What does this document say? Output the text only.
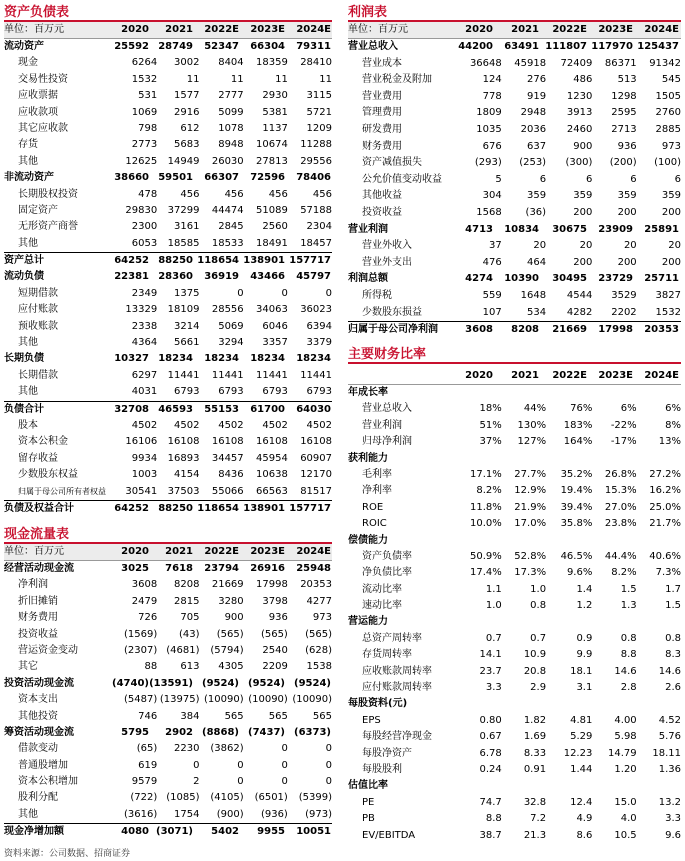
资产负债表
单位：百万元	2020	2021	2022E	2023E	2024E
流动资产	25592 28749	52347	66304	79311
现金	6264	3002	8404	18359	28410
交易性投资	1532	11	11	11	11
应收票据	531	1577	2777	2930	3115
应收款项	1069	2916	5099	5381	5721
其它应收款	798	612	1078	1137	1209
存货	2773	5683	8948	10674	11288
其他	12625	14949	26030	27813	29556
非流动资产	38660 59501	66307	72596	78406
长期股权投资	478	456	456	456	456
固定资产	29830	37299	44474	51089	57188
无形资产商誉	2300	3161	2845	2560	2304
其他	6053	18585	18533	18491	18457
资产总计	64252 88250 118654 138901 157717
流动负债	22381 28360	36919	43466	45797
短期借款	2349	1375	0	0	0
应付账款	13329	18109	28556	34063	36023
预收账款	2338	3214	5069	6046	6394
其他	4364	5661	3294	3357	3379
长期负债	10327 18234	18234	18234	18234
长期借款	6297	11441	11441	11441	11441
其他	4031	6793	6793	6793	6793
负债合计	32708 46593	55153	61700	64030
股本	4502	4502	4502	4502	4502
资本公积金	16106	16108	16108	16108	16108
留存收益	9934	16893	34457	45954	60907
少数股东权益	1003	4154	8436	10638	12170
归属于母公司所有者权益	30541	37503	55066	66563	81517
负债及权益合计	64252 88250 118654 138901 157717
现金流量表
单位：百万元	2020	2021	2022E	2023E	2024E
经营活动现金流	3025	7618	23794	26916	25948
净利润	3608	8208	21669	17998	20353
折旧摊销	2479	2815	3280	3798	4277
财务费用	726	705	900	936	973
投资收益	(1569)	(43)	(565)	(565)	(565)
营运资金变动	(2307) (4681)	(5794)	2540	(628)
其它	88	613	4305	2209	1538
投资活动现金流	(4740) (13591) (9524) (9524) (9524)
资本支出	(5487) (13975) (10090) (10090) (10090)
其他投资	746	384	565	565	565
筹资活动现金流	5795	2902 (8868) (7437) (6373)
借款变动	(65)	2230	(3862)	0	0
普通股增加	619	0	0	0	0
资本公积增加	9579	2	0	0	0
股利分配	(722) (1085)	(4105)	(6501)	(5399)
其他	(3616)	1754	(900)	(936)	(973)
现金净增加额	4080 (3071)	5402	9955	10051
利润表
单位：百万元	2020	2021	2022E	2023E	2024E
营业总收入	44200	63491 111807 117970 125437
营业成本	36648	45918	72409	86371	91342
营业税金及附加	124	276	486	513	545
营业费用	778	919	1230	1298	1505
管理费用	1809	2948	3913	2595	2760
研发费用	1035	2036	2460	2713	2885
财务费用	676	637	900	936	973
资产减值损失	(293)	(253)	(300)	(200)	(100)
公允价值变动收益	5	6	6	6	6
其他收益	304	359	359	359	359
投资收益	1568	(36)	200	200	200
营业利润	4713	10834	30675	23909	25891
营业外收入	37	20	20	20	20
营业外支出	476	464	200	200	200
利润总额	4274	10390	30495	23729	25711
所得税	559	1648	4544	3529	3827
少数股东损益	107	534	4282	2202	1532
归属于母公司净利润	3608	8208	21669	17998	20353
主要财务比率
2020	2021	2022E	2023E	2024E
年成长率
营业总收入	18%	44%	76%	6%	6%
营业利润	51%	130%	183%	-22%	8%
归母净利润	37%	127%	164%	-17%	13%
获利能力
毛利率	17.1%	27.7%	35.2%	26.8%	27.2%
净利率	8.2%	12.9%	19.4%	15.3%	16.2%
ROE	11.8%	21.9%	39.4%	27.0%	25.0%
ROIC	10.0%	17.0%	35.8%	23.8%	21.7%
偿债能力
资产负债率	50.9%	52.8%	46.5%	44.4%	40.6%
净负债比率	17.4%	17.3%	9.6%	8.2%	7.3%
流动比率	1.1	1.0	1.4	1.5	1.7
速动比率	1.0	0.8	1.2	1.3	1.5
营运能力
总资产周转率	0.7	0.7	0.9	0.8	0.8
存货周转率	14.1	10.9	9.9	8.8	8.3
应收账款周转率	23.7	20.8	18.1	14.6	14.6
应付账款周转率	3.3	2.9	3.1	2.8	2.6
每股资料(元)
EPS	0.80	1.82	4.81	4.00	4.52
每股经营净现金	0.67	1.69	5.29	5.98	5.76
每股净资产	6.78	8.33	12.23	14.79	18.11
每股股利	0.24	0.91	1.44	1.20	1.36
估值比率
PE	74.7	32.8	12.4	15.0	13.2
PB	8.8	7.2	4.9	4.0	3.3
EV/EBITDA	38.7	21.3	8.6	10.5	9.6
资料来源：公司数据、招商证券
